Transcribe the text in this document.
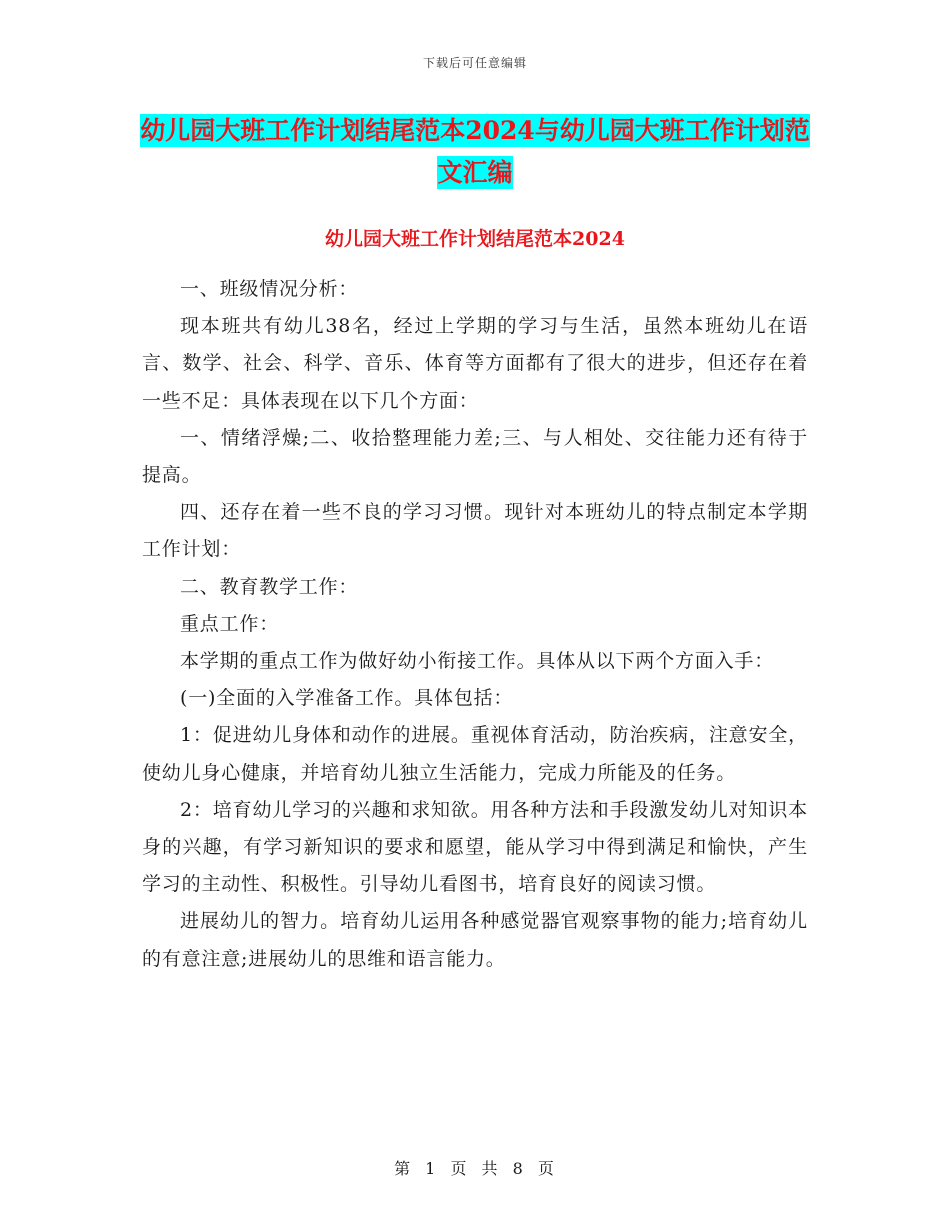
下载后可任意编辑
幼儿园大班工作计划结尾范本2024与幼儿园大班工作计划范文汇编
幼儿园大班工作计划结尾范本2024

一、班级情况分析：

现本班共有幼儿38名，经过上学期的学习与生活，虽然本班幼儿在语言、数学、社会、科学、音乐、体育等方面都有了很大的进步，但还存在着一些不足：具体表现在以下几个方面：

一、情绪浮燥;二、收拾整理能力差;三、与人相处、交往能力还有待于提高。

四、还存在着一些不良的学习习惯。现针对本班幼儿的特点制定本学期工作计划：

二、教育教学工作：

重点工作：

本学期的重点工作为做好幼小衔接工作。具体从以下两个方面入手：

(一)全面的入学准备工作。具体包括：

1：促进幼儿身体和动作的进展。重视体育活动，防治疾病，注意安全，使幼儿身心健康，并培育幼儿独立生活能力，完成力所能及的任务。

2：培育幼儿学习的兴趣和求知欲。用各种方法和手段激发幼儿对知识本身的兴趣，有学习新知识的要求和愿望，能从学习中得到满足和愉快，产生学习的主动性、积极性。引导幼儿看图书，培育良好的阅读习惯。

进展幼儿的智力。培育幼儿运用各种感觉器官观察事物的能力;培育幼儿的有意注意;进展幼儿的思维和语言能力。

第 1 页 共 8 页
